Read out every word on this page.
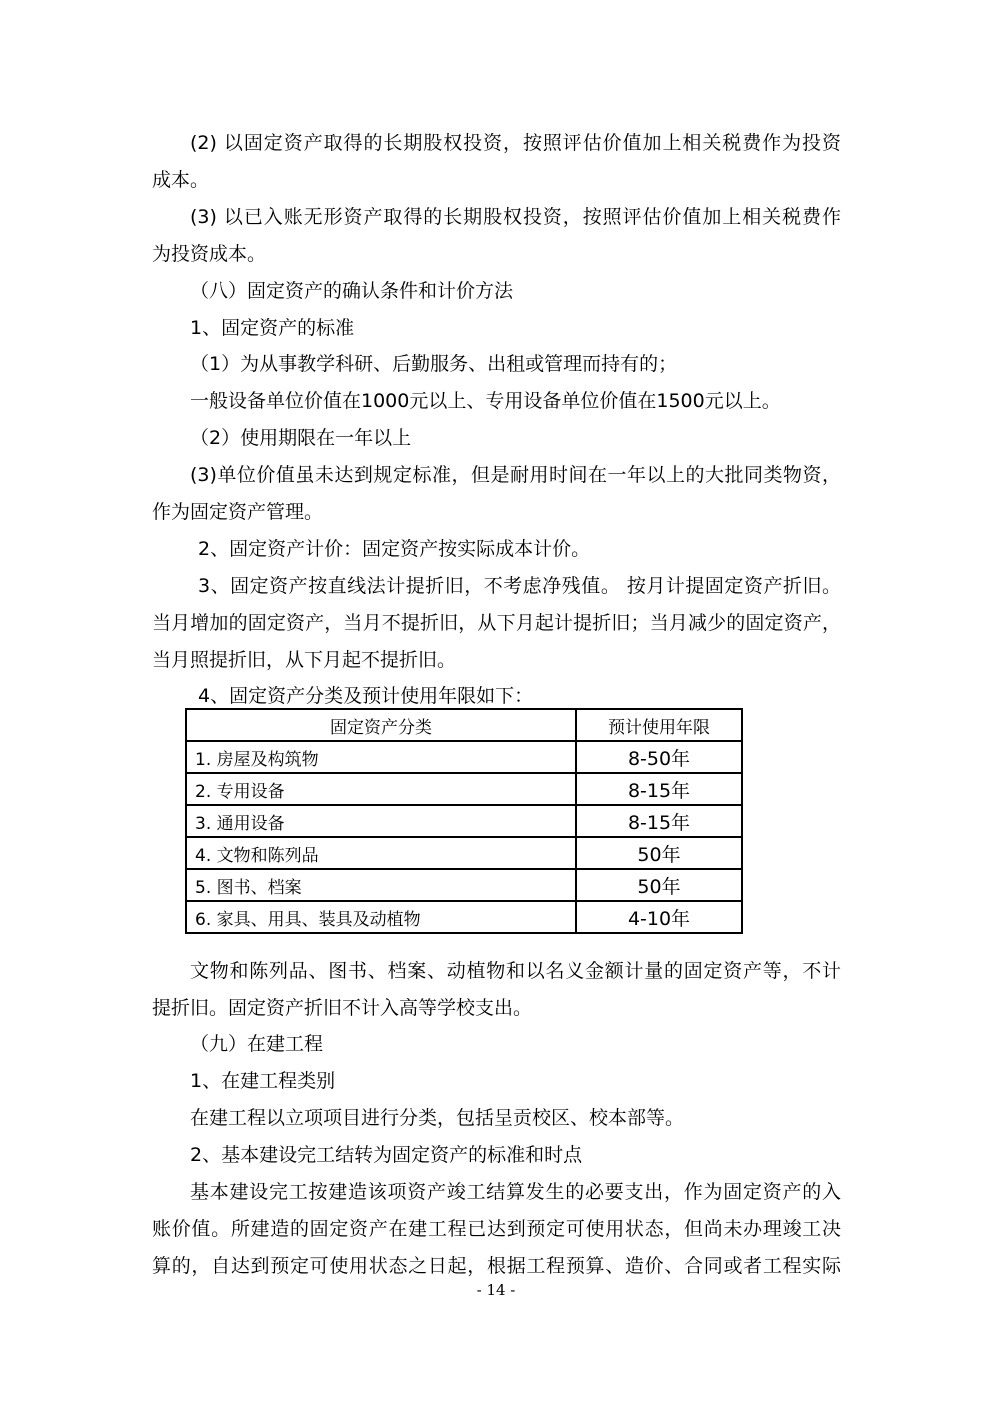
(2) 以固定资产取得的长期股权投资，按照评估价值加上相关税费作为投资
成本。
(3) 以已入账无形资产取得的长期股权投资，按照评估价值加上相关税费作
为投资成本。
（八）固定资产的确认条件和计价方法
1、固定资产的标准
（1）为从事教学科研、后勤服务、出租或管理而持有的；
一般设备单位价值在1000元以上、专用设备单位价值在1500元以上。
（2）使用期限在一年以上
(3)单位价值虽未达到规定标准，但是耐用时间在一年以上的大批同类物资，
作为固定资产管理。
2、固定资产计价：固定资产按实际成本计价。
3、固定资产按直线法计提折旧，不考虑净残值。 按月计提固定资产折旧。
当月增加的固定资产，当月不提折旧，从下月起计提折旧；当月减少的固定资产，
当月照提折旧，从下月起不提折旧。
4、固定资产分类及预计使用年限如下：
固定资产分类	预计使用年限
1. 房屋及构筑物	8-50年
2. 专用设备	8-15年
3. 通用设备	8-15年
4. 文物和陈列品	50年
5. 图书、档案	50年
6. 家具、用具、装具及动植物	4-10年
文物和陈列品、图书、档案、动植物和以名义金额计量的固定资产等，不计
提折旧。固定资产折旧不计入高等学校支出。
（九）在建工程
1、在建工程类别
在建工程以立项项目进行分类，包括呈贡校区、校本部等。
2、基本建设完工结转为固定资产的标准和时点
基本建设完工按建造该项资产竣工结算发生的必要支出，作为固定资产的入
账价值。所建造的固定资产在建工程已达到预定可使用状态，但尚未办理竣工决
算的，自达到预定可使用状态之日起，根据工程预算、造价、合同或者工程实际
- 14 -
